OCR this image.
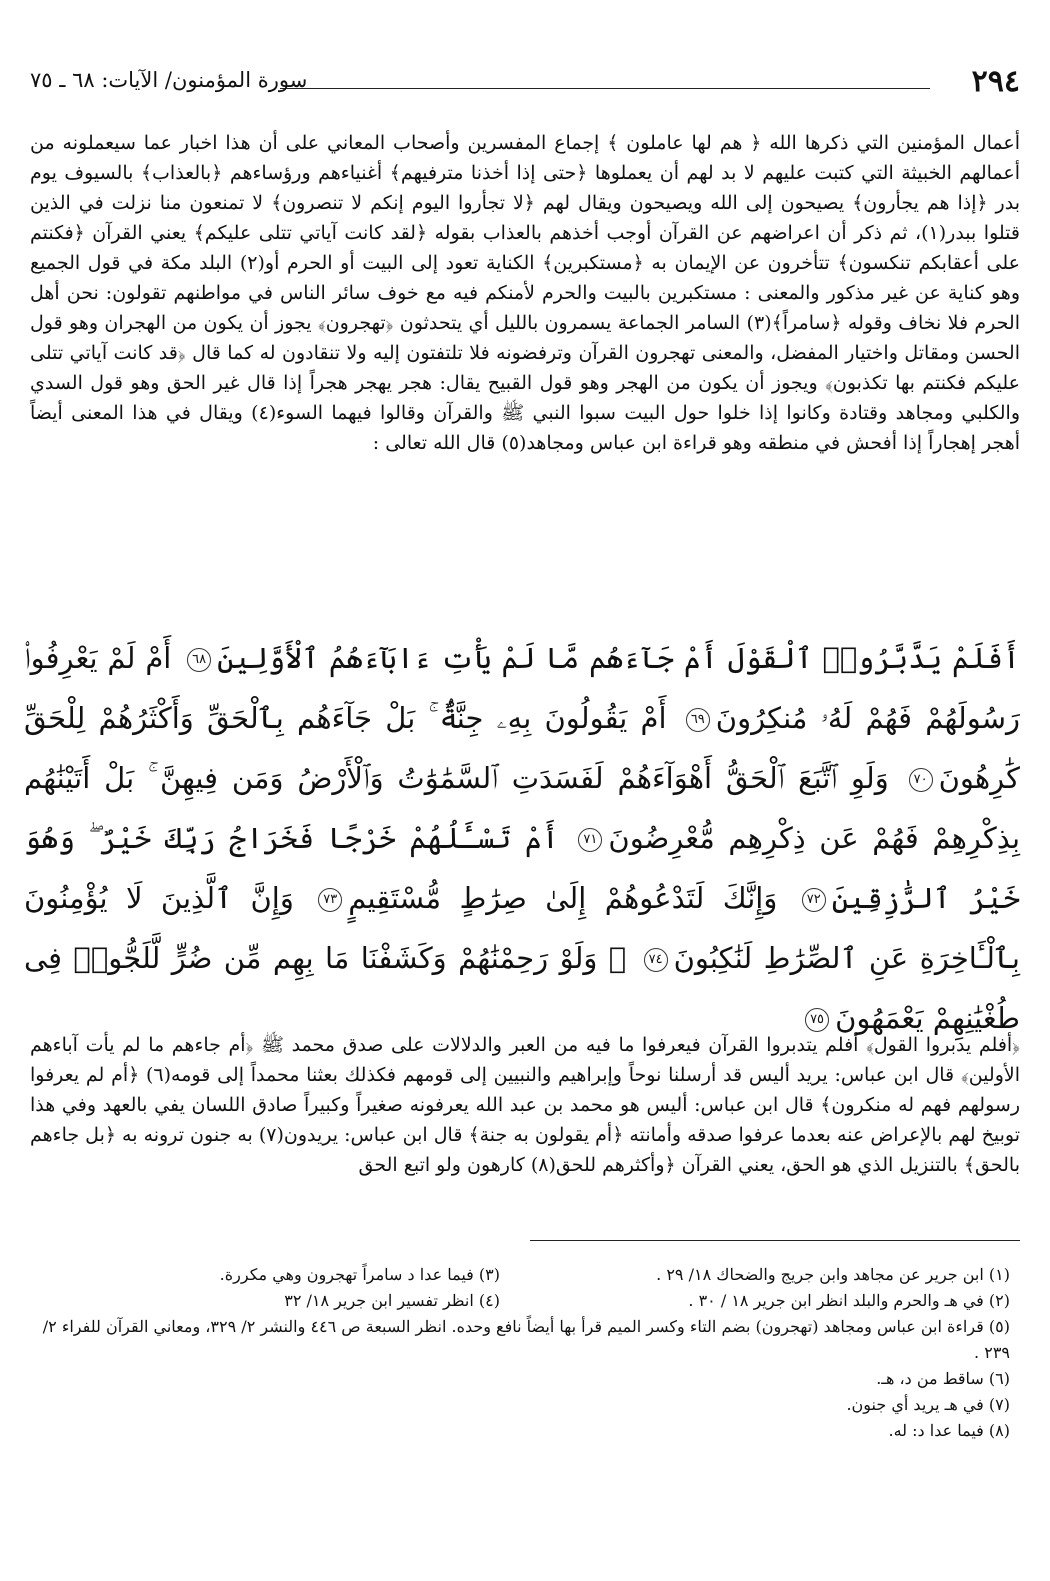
٢٩٤
سورة المؤمنون/ الآيات: ٦٨ ـ ٧٥

أعمال المؤمنين التي ذكرها الله ﴿ هم لها عاملون ﴾ إجماع المفسرين وأصحاب المعاني على أن هذا اخبار عما سيعملونه من أعمالهم الخبيثة التي كتبت عليهم لا بد لهم أن يعملوها ﴿حتى إذا أخذنا مترفيهم﴾ أغنياءهم ورؤساءهم ﴿بالعذاب﴾ بالسيوف يوم بدر ﴿إذا هم يجأرون﴾ يصيحون إلى الله ويصيحون ويقال لهم ﴿لا تجأروا اليوم إنكم لا تنصرون﴾ لا تمنعون منا نزلت في الذين قتلوا ببدر(١)، ثم ذكر أن اعراضهم عن القرآن أوجب أخذهم بالعذاب بقوله ﴿لقد كانت آياتي تتلى عليكم﴾ يعني القرآن ﴿فكنتم على أعقابكم تنكسون﴾ تتأخرون عن الإيمان به ﴿مستكبرين﴾ الكناية تعود إلى البيت أو الحرم أو(٢) البلد مكة في قول الجميع وهو كناية عن غير مذكور والمعنى : مستكبرين بالبيت والحرم لأمنكم فيه مع خوف سائر الناس في مواطنهم تقولون: نحن أهل الحرم فلا نخاف وقوله ﴿سامراً﴾(٣) السامر الجماعة يسمرون بالليل أي يتحدثون ﴿تهجرون﴾ يجوز أن يكون من الهجران وهو قول الحسن ومقاتل واختيار المفضل، والمعنى تهجرون القرآن وترفضونه فلا تلتفتون إليه ولا تنقادون له كما قال ﴿قد كانت آياتي تتلى عليكم فكنتم بها تكذبون﴾ ويجوز أن يكون من الهجر وهو قول القبيح يقال: هجر يهجر هجراً إذا قال غير الحق وهو قول السدي والكلبي ومجاهد وقتادة وكانوا إذا خلوا حول البيت سبوا النبي ﷺ والقرآن وقالوا فيهما السوء(٤) ويقال في هذا المعنى أيضاً أهجر إهجاراً إذا أفحش في منطقه وهو قراءة ابن عباس ومجاهد(٥) قال الله تعالى :

أَفَلَمْ يَدَّبَّرُوا۟ ٱلْقَوْلَ أَمْ جَآءَهُم مَّا لَمْ يَأْتِ ءَابَآءَهُمُ ٱلْأَوَّلِينَ٦٨ أَمْ لَمْ يَعْرِفُوا۟ رَسُولَهُمْ فَهُمْ لَهُۥ مُنكِرُونَ٦٩ أَمْ يَقُولُونَ بِهِۦ جِنَّةٌۢ ۚ بَلْ جَآءَهُم بِٱلْحَقِّ وَأَكْثَرُهُمْ لِلْحَقِّ كَٰرِهُونَ٧٠ وَلَوِ ٱتَّبَعَ ٱلْحَقُّ أَهْوَآءَهُمْ لَفَسَدَتِ ٱلسَّمَٰوَٰتُ وَٱلْأَرْضُ وَمَن فِيهِنَّ ۚ بَلْ أَتَيْنَٰهُم بِذِكْرِهِمْ فَهُمْ عَن ذِكْرِهِم مُّعْرِضُونَ٧١ أَمْ تَسْـَٔلُهُمْ خَرْجًا فَخَرَاجُ رَبِّكَ خَيْرٌ ۖ وَهُوَ خَيْرُ ٱلرَّٰزِقِينَ٧٢ وَإِنَّكَ لَتَدْعُوهُمْ إِلَىٰ صِرَٰطٍ مُّسْتَقِيمٍ٧٣ وَإِنَّ ٱلَّذِينَ لَا يُؤْمِنُونَ بِٱلْـَٔاخِرَةِ عَنِ ٱلصِّرَٰطِ لَنَٰكِبُونَ٧٤ ۞ وَلَوْ رَحِمْنَٰهُمْ وَكَشَفْنَا مَا بِهِم مِّن ضُرٍّ لَّلَجُّوا۟ فِى طُغْيَٰنِهِمْ يَعْمَهُونَ٧٥

﴿أفلم يدبروا القول﴾ أفلم يتدبروا القرآن فيعرفوا ما فيه من العبر والدلالات على صدق محمد ﷺ ﴿أم جاءهم ما لم يأت آباءهم الأولين﴾ قال ابن عباس: يريد أليس قد أرسلنا نوحاً وإبراهيم والنبيين إلى قومهم فكذلك بعثنا محمداً إلى قومه(٦) ﴿أم لم يعرفوا رسولهم فهم له منكرون﴾ قال ابن عباس: أليس هو محمد بن عبد الله يعرفونه صغيراً وكبيراً صادق اللسان يفي بالعهد وفي هذا توبيخ لهم بالإعراض عنه بعدما عرفوا صدقه وأمانته ﴿أم يقولون به جنة﴾ قال ابن عباس: يريدون(٧) به جنون ترونه به ﴿بل جاءهم بالحق﴾ بالتنزيل الذي هو الحق، يعني القرآن ﴿وأكثرهم للحق(٨) كارهون ولو اتبع الحق

(١) ابن جرير عن مجاهد وابن جريج والضحاك ١٨/ ٢٩ .

(٢) في هـ والحرم والبلد انظر ابن جرير ١٨ / ٣٠ .

(٣) فيما عدا د سامراً تهجرون وهي مكررة.

(٤) انظر تفسير ابن جرير ١٨/ ٣٢

(٥) قراءة ابن عباس ومجاهد (تهجرون) بضم التاء وكسر الميم قرأ بها أيضاً نافع وحده. انظر السبعة ص ٤٤٦ والنشر ٢/ ٣٢٩، ومعاني القرآن للفراء ٢/ ٢٣٩ .

(٦) ساقط من د، هـ.

(٧) في هـ يريد أي جنون.

(٨) فيما عدا د: له.
